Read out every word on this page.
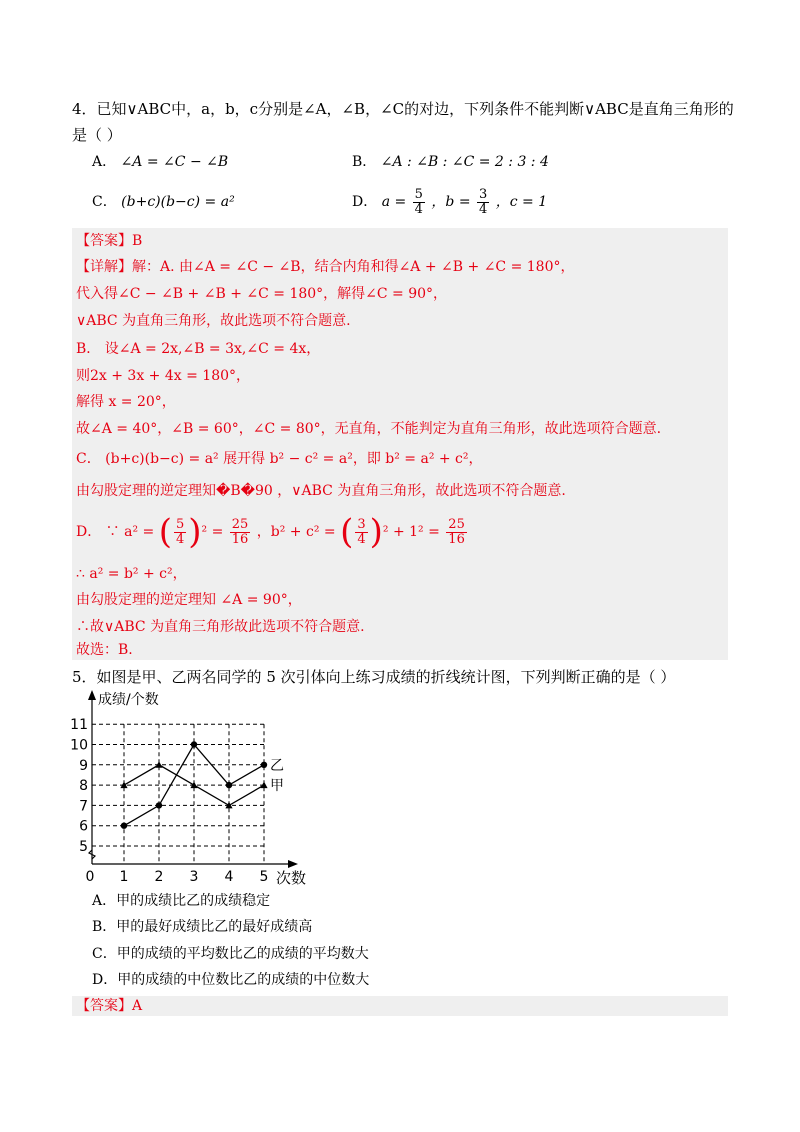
4．已知∨ABC中，a，b，c分别是∠A，∠B，∠C的对边，下列条件不能判断∨ABC是直角三角形的
是（ ）
A． ∠A = ∠C − ∠B	B． ∠A : ∠B : ∠C = 2 : 3 : 4
C． (b+c)(b−c) = a²	D． $a = \frac{5}{4}$ ，$b = \frac{3}{4}$ ，c = 1
【答案】B
【详解】解：A. 由∠A = ∠C − ∠B，结合内角和得∠A + ∠B + ∠C = 180°，
代入得∠C − ∠B + ∠B + ∠C = 180°，解得∠C = 90°，
∨ABC 为直角三角形，故此选项不符合题意.
B． 设∠A = 2x,∠B = 3x,∠C = 4x，
则2x + 3x + 4x = 180°，
解得 x = 20°，
故∠A = 40°，∠B = 60°，∠C = 80°，无直角，不能判定为直角三角形，故此选项符合题意.
C． (b+c)(b−c) = a² 展开得 b² − c² = a²，即 b² = a² + c²，
由勾股定理的逆定理知�B�90 ，∨ABC 为直角三角形，故此选项不符合题意.
D． ∵ a² = ( $\frac{5}{4} )^2 = \frac{25}{16}$ ，b² + c² = ( $\frac{3}{4} )^2 + 1^2 = \frac{25}{16}$
∴ a² = b² + c²，
由勾股定理的逆定理知 ∠A = 90°，
∴故∨ABC 为直角三角形故此选项不符合题意.
故选：B.
5．如图是甲、乙两名同学的 5 次引体向上练习成绩的折线统计图，下列判断正确的是（ ）
5
6
7
8
9
10
11
0 1 2 3 4 5
甲
乙
成绩/个数
次数
A．甲的成绩比乙的成绩稳定
B．甲的最好成绩比乙的最好成绩高
C．甲的成绩的平均数比乙的成绩的平均数大
D．甲的成绩的中位数比乙的成绩的中位数大
【答案】A
